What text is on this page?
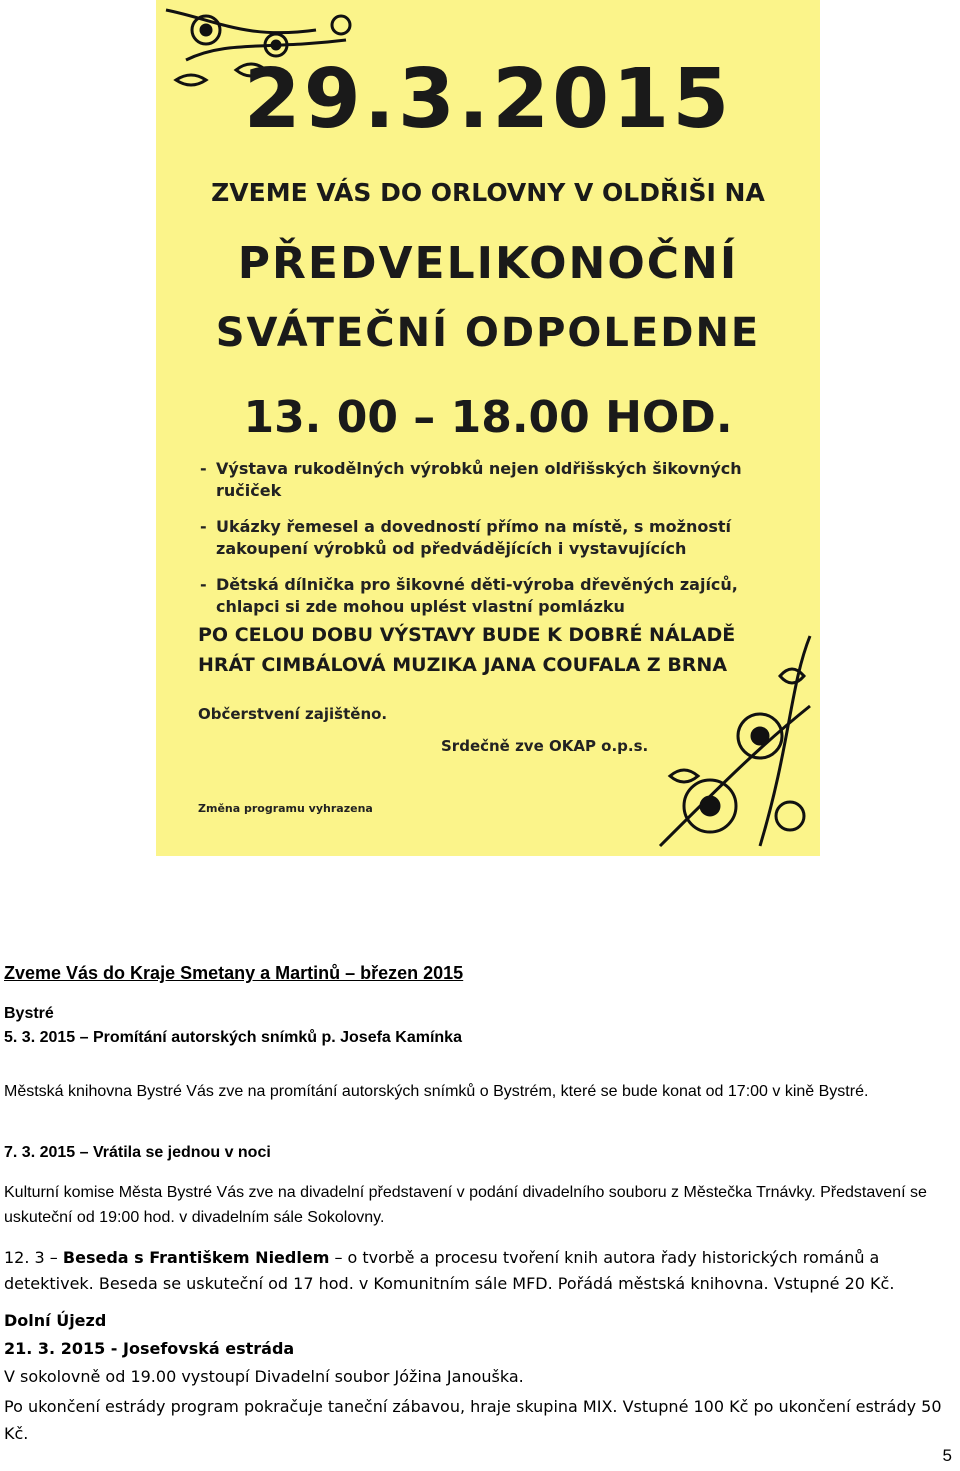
29.3.2015
ZVEME VÁS DO ORLOVNY V OLDŘIŠI NA
PŘEDVELIKONOČNÍ
SVÁTEČNÍ ODPOLEDNE
13. 00 – 18.00 HOD.
- Výstava rukodělných výrobků nejen oldřišských šikovných ručiček
- Ukázky řemesel a dovedností přímo na místě, s možností zakoupení výrobků od předváděјících i vystavujících
- Dětská dílnička pro šikovné děti-výroba dřevěných zajíců, chlapci si zde mohou uplést vlastní pomlázku
PO CELOU DOBU VÝSTAVY BUDE K DOBRÉ NÁLADĚ
HRÁT CIMBÁLOVÁ MUZIKA JANA COUFALA Z BRNA
Občerstvení zajištěno.
Srdečně zve OKAP o.p.s.
Změna programu vyhrazena
Zveme Vás do Kraje Smetany a Martinů – březen 2015
Bystré
5. 3. 2015 – Promítání autorských snímků p. Josefa Kamínka
Městská knihovna Bystré Vás zve na promítání autorských snímků o Bystrém, které se bude konat od 17:00 v kině Bystré.
7. 3. 2015 – Vrátila se jednou v noci
Kulturní komise Města Bystré Vás zve na divadelní představení v podání divadelního souboru z Městečka Trnávky. Představení se uskuteční od 19:00 hod. v divadelním sále Sokolovny.
12. 3 – Beseda s Františkem Niedlem – o tvorbě a procesu tvoření knih autora řady historických románů a detektivek. Beseda se uskuteční od 17 hod. v Komunitním sále MFD. Pořádá městská knihovna. Vstupné 20 Kč.
Dolní Újezd
21. 3. 2015 - Josefovská estráda
V sokolovně od 19.00 vystoupí Divadelní soubor Jóžina Janouška.
Po ukončení estrády program pokračuje taneční zábavou, hraje skupina MIX. Vstupné 100 Kč po ukončení estrády 50 Kč.
5
